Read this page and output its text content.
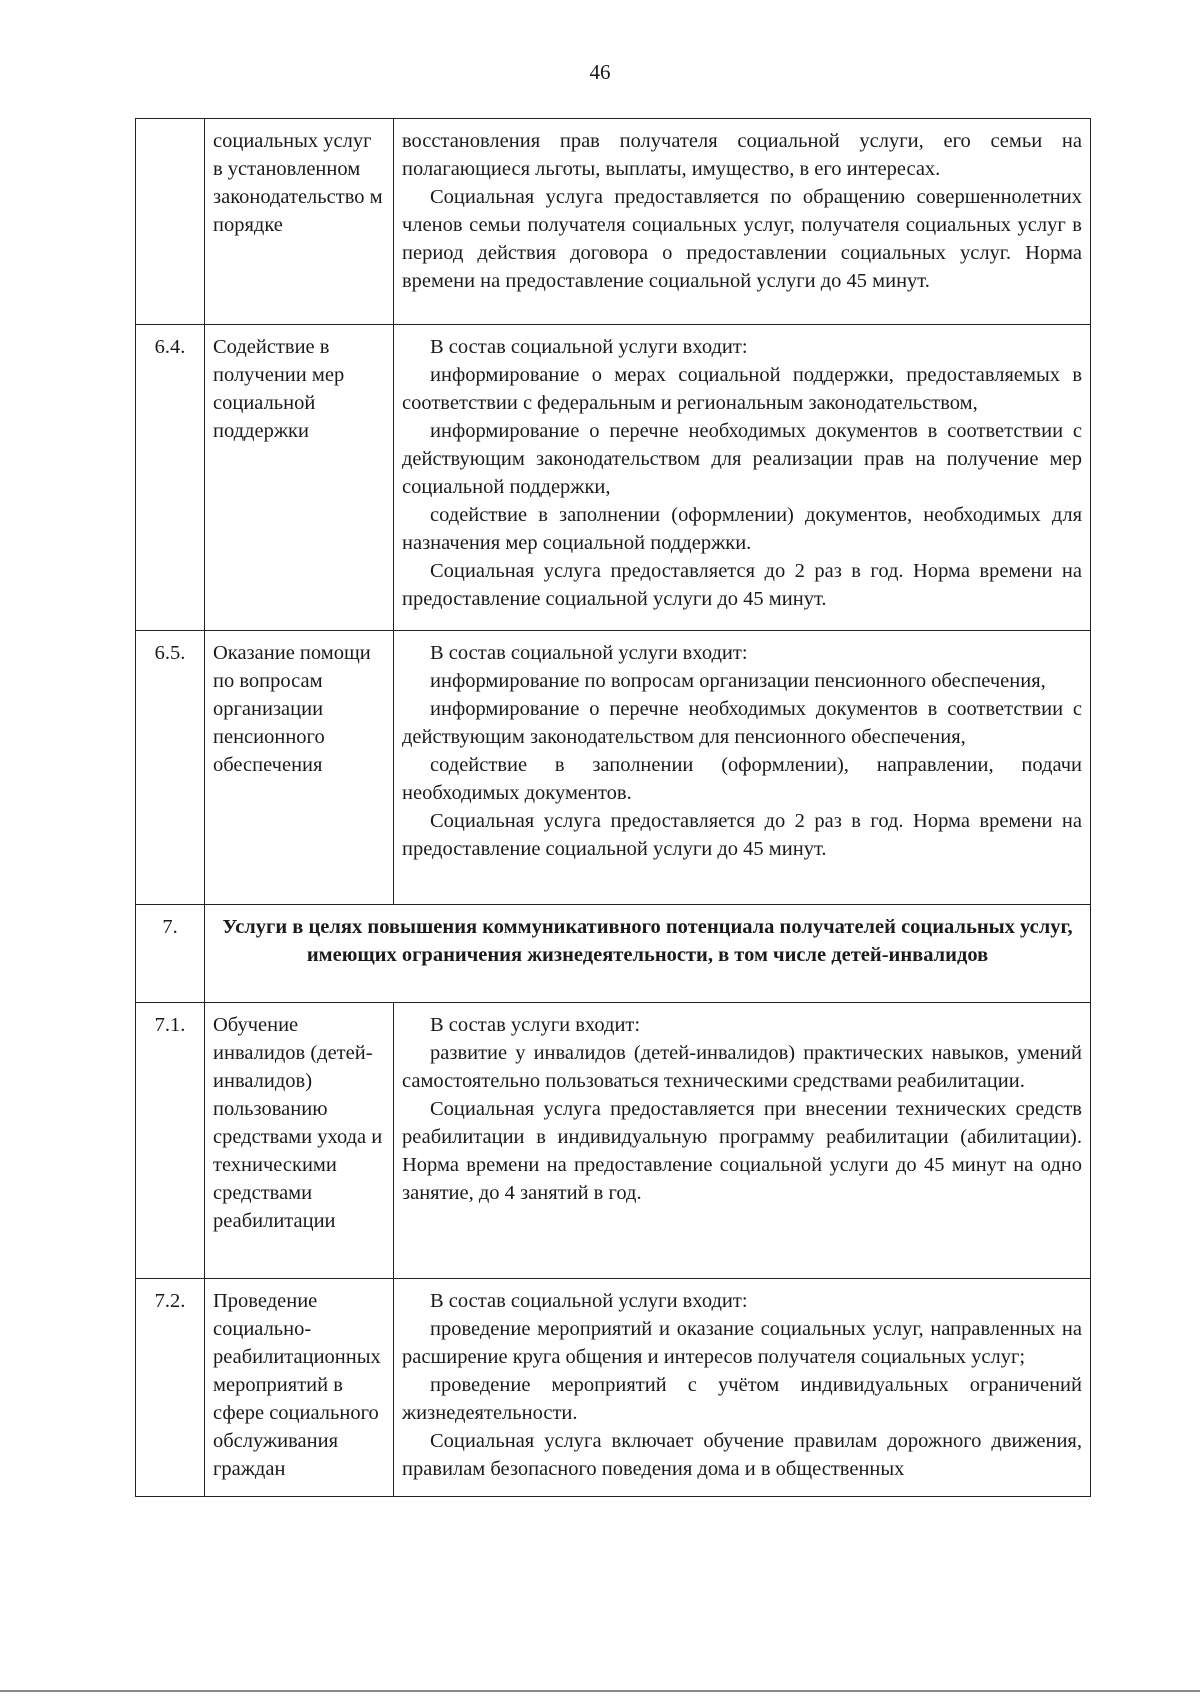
46
	социальных услуг в установленном законодательство м порядке	восстановления прав получателя социальной услуги, его семьи на полагающиеся льготы, выплаты, имущество, в его интересах.

Социальная услуга предоставляется по обращению совершеннолетних членов семьи получателя социальных услуг, получателя социальных услуг в период действия договора о предоставлении социальных услуг. Норма времени на предоставление социальной услуги до 45 минут.

6.4.	Содействие в получении мер социальной поддержки	В состав социальной услуги входит:

информирование о мерах социальной поддержки, предоставляемых в соответствии с федеральным и региональным законодательством,

информирование о перечне необходимых документов в соответствии с действующим законодательством для реализации прав на получение мер социальной поддержки,

содействие в заполнении (оформлении) документов, необходимых для назначения мер социальной поддержки.

Социальная услуга предоставляется до 2 раз в год. Норма времени на предоставление социальной услуги до 45 минут.

6.5.	Оказание помощи по вопросам организации пенсионного обеспечения	В состав социальной услуги входит:

информирование по вопросам организации пенсионного обеспечения,

информирование о перечне необходимых документов в соответствии с действующим законодательством для пенсионного обеспечения,

содействие в заполнении (оформлении), направлении, подачи необходимых документов.

Социальная услуга предоставляется до 2 раз в год. Норма времени на предоставление социальной услуги до 45 минут.

7.	Услуги в целях повышения коммуникативного потенциала получателей социальных услуг, имеющих ограничения жизнедеятельности, в том числе детей-инвалидов	
7.1.	Обучение инвалидов (детей-инвалидов) пользованию средствами ухода и техническими средствами реабилитации	В состав услуги входит:

развитие у инвалидов (детей-инвалидов) практических навыков, умений самостоятельно пользоваться техническими средствами реабилитации.

Социальная услуга предоставляется при внесении технических средств реабилитации в индивидуальную программу реабилитации (абилитации). Норма времени на предоставление социальной услуги до 45 минут на одно занятие, до 4 занятий в год.

7.2.	Проведение социально-реабилитационных мероприятий в сфере социального обслуживания граждан	В состав социальной услуги входит:

проведение мероприятий и оказание социальных услуг, направленных на расширение круга общения и интересов получателя социальных услуг;

проведение мероприятий с учётом индивидуальных ограничений жизнедеятельности.

Социальная услуга включает обучение правилам дорожного движения, правилам безопасного поведения дома и в общественных
